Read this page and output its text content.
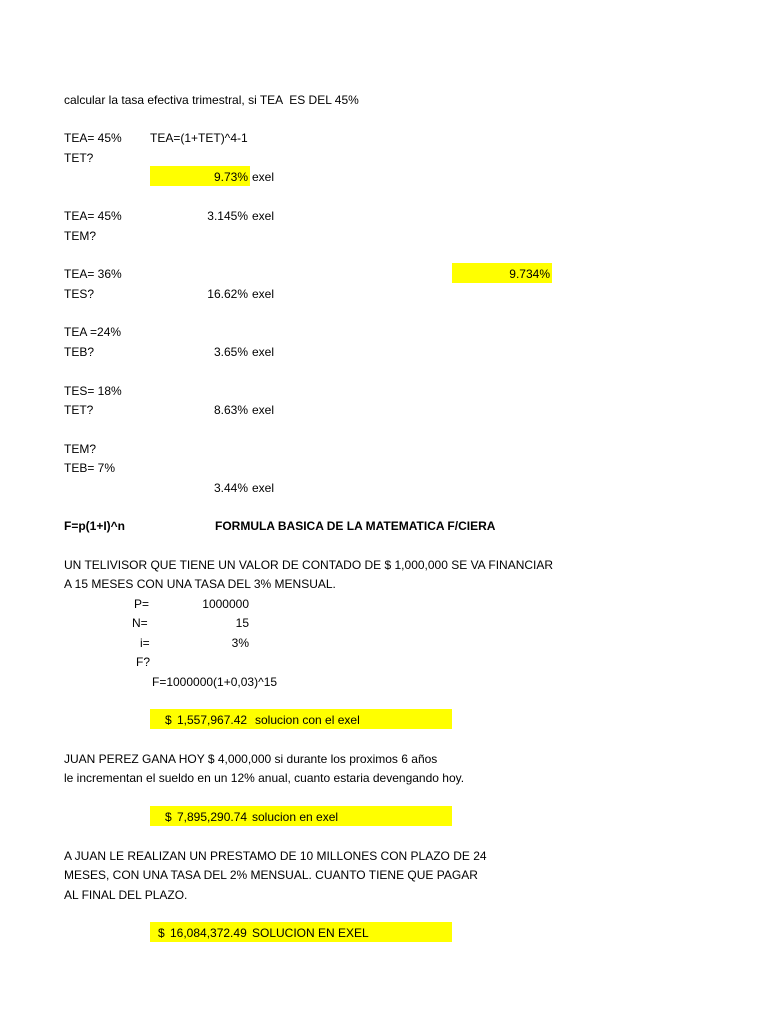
calcular la tasa efectiva trimestral, si TEA  ES DEL 45%
TEA= 45% TEA=(1+TET)^4-1
TET?
9.73% exel
TEA= 45%	3.145% exel
TEM?
TEA= 36%	9.734%
TES?	16.62% exel
TEA =24%
TEB?	3.65% exel
TES= 18%
TET?	8.63% exel
TEM?
TEB= 7%
3.44% exel
F=p(1+I)^n	FORMULA BASICA DE LA MATEMATICA F/CIERA
UN TELIVISOR QUE TIENE UN VALOR DE CONTADO DE $ 1,000,000 SE VA FINANCIAR
A 15 MESES CON UNA TASA DEL 3% MENSUAL.
P=	1000000
N=	15
i=	3%
F?
F=1000000(1+0,03)^15
$ 1,557,967.42 solucion con el exel
JUAN PEREZ GANA HOY $ 4,000,000 si durante los proximos 6 años
le incrementan el sueldo en un 12% anual, cuanto estaria devengando hoy.
$ 7,895,290.74 solucion en exel
A JUAN LE REALIZAN UN PRESTAMO DE 10 MILLONES CON PLAZO DE 24
MESES, CON UNA TASA DEL 2% MENSUAL. CUANTO TIENE QUE PAGAR
AL FINAL DEL PLAZO.
$ 16,084,372.49 SOLUCION EN EXEL
